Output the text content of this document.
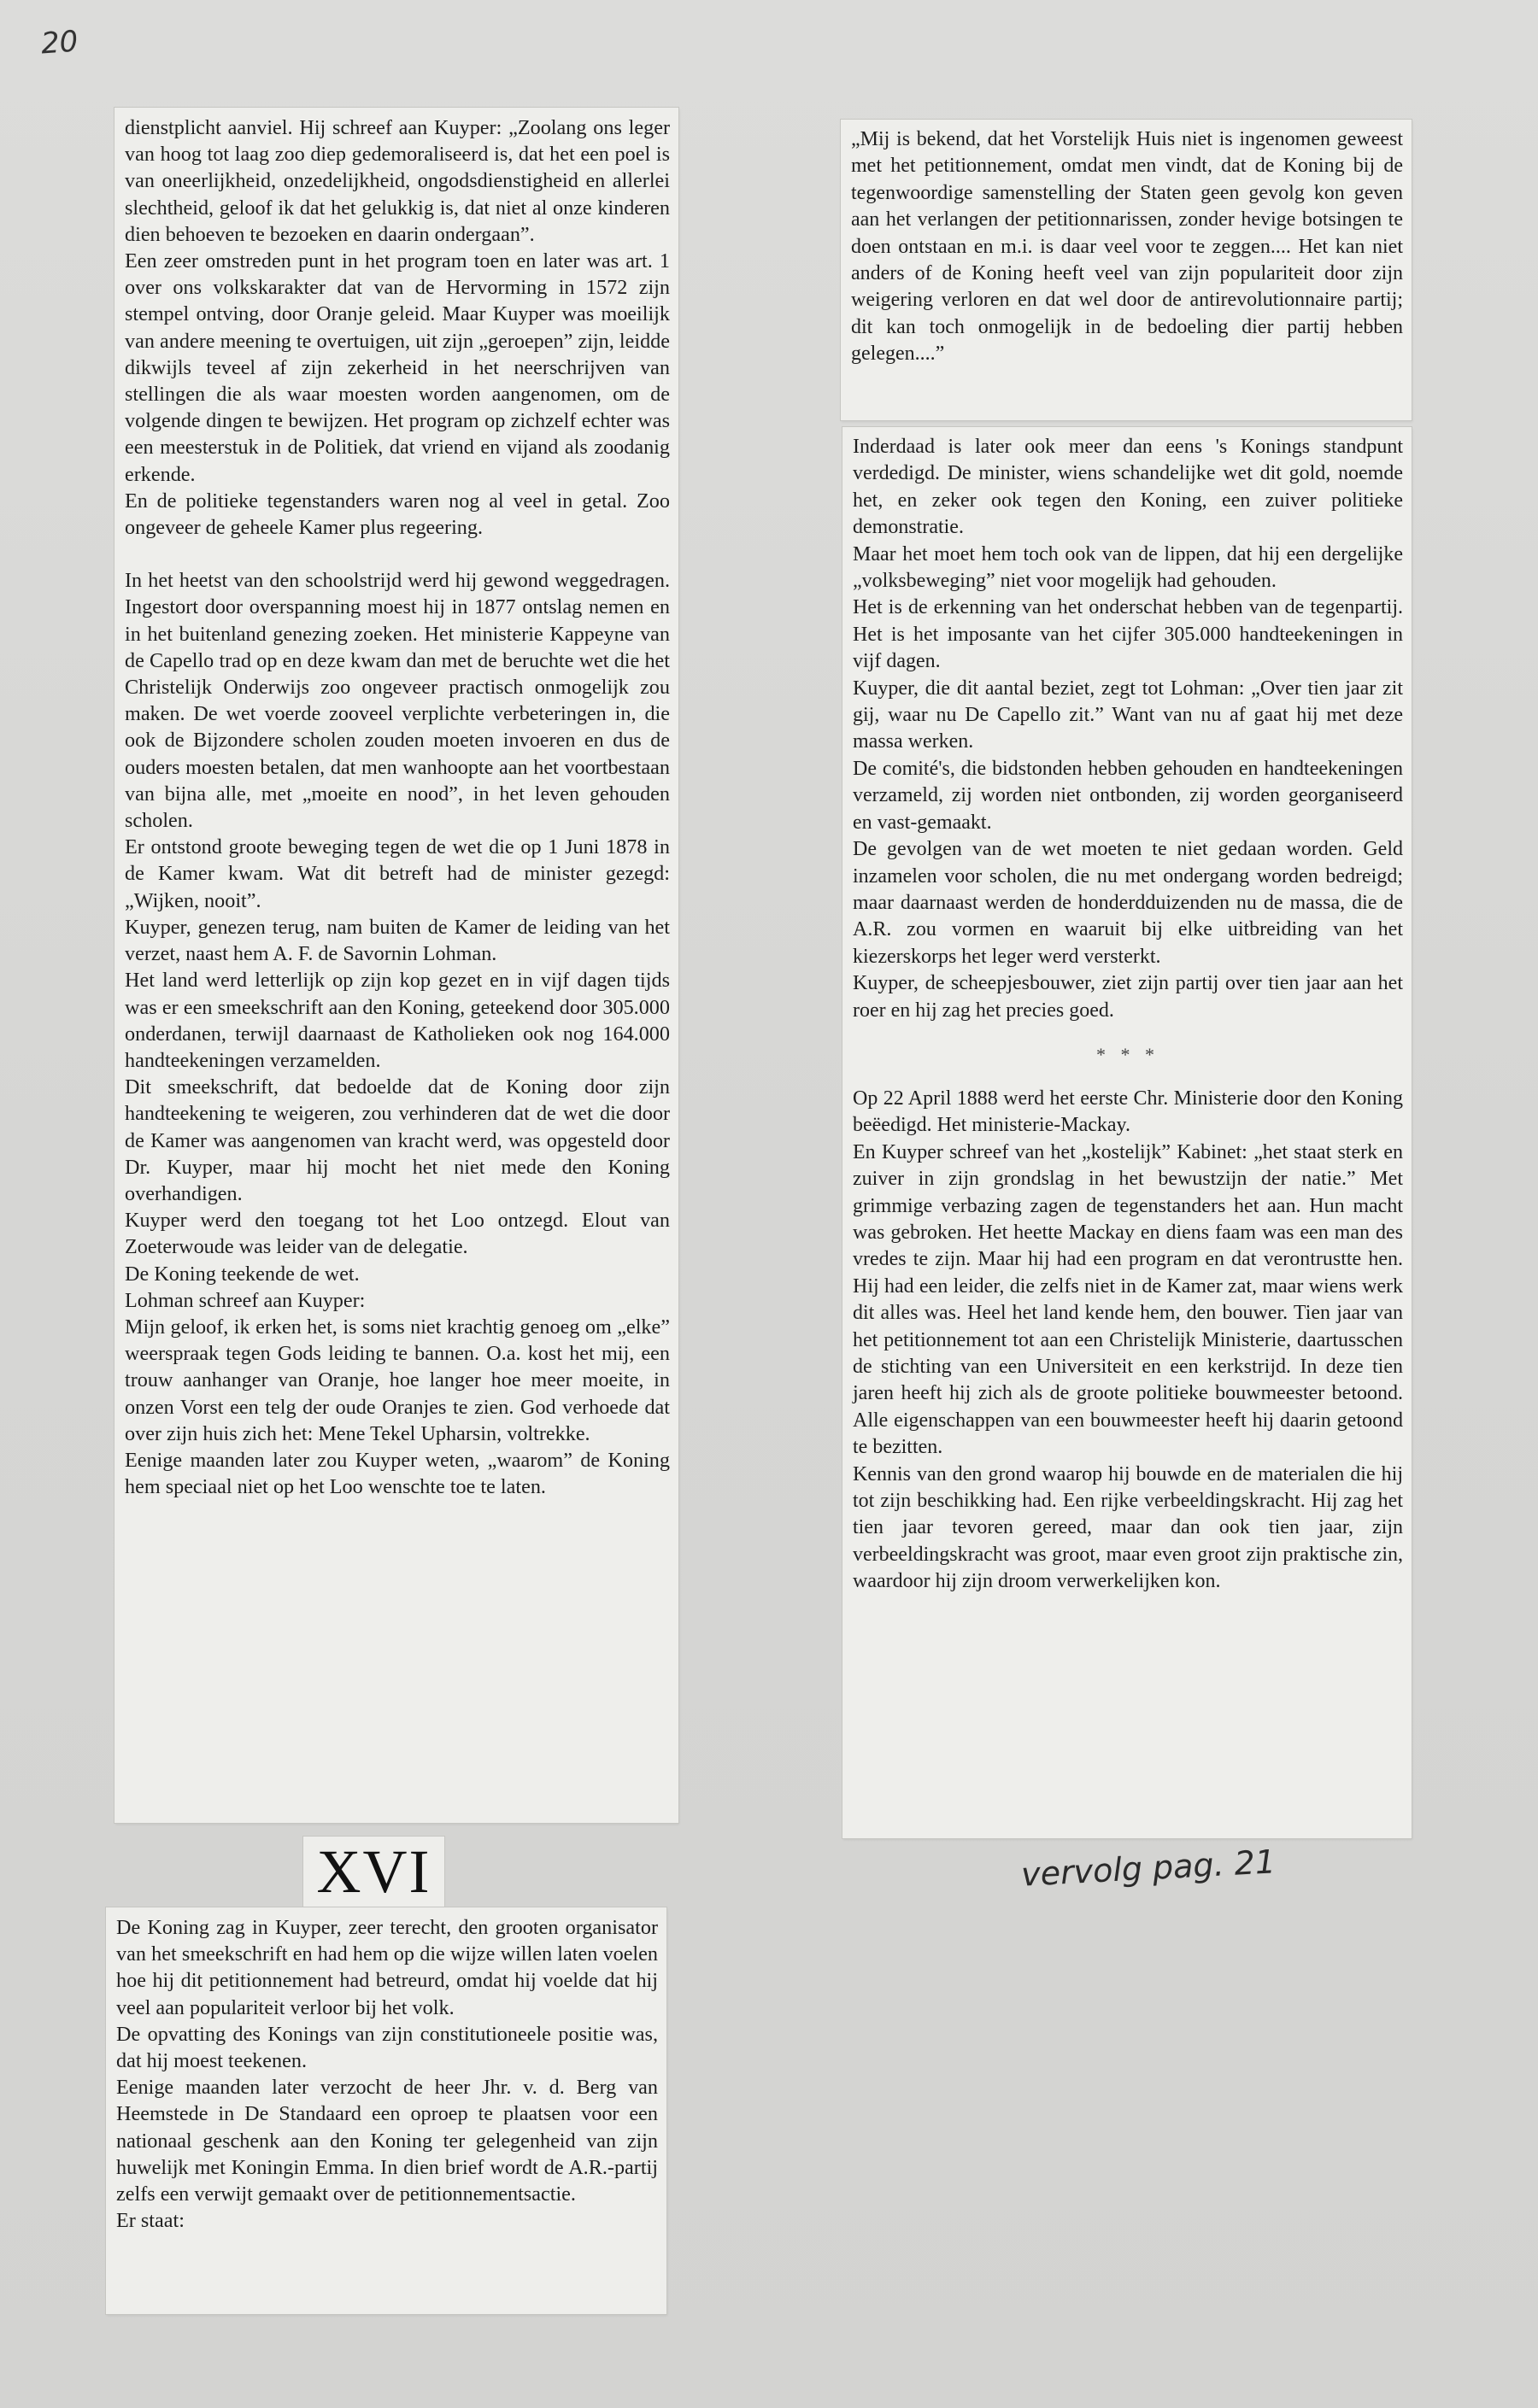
20

dienstplicht aanviel. Hij schreef aan Kuyper: „Zoolang ons leger van hoog tot laag zoo diep gedemoraliseerd is, dat het een poel is van oneerlijkheid, onzedelijkheid, ongodsdienstigheid en allerlei slechtheid, geloof ik dat het gelukkig is, dat niet al onze kinderen dien behoeven te bezoeken en daarin ondergaan”.

Een zeer omstreden punt in het program toen en later was art. 1 over ons volkskarakter dat van de Hervorming in 1572 zijn stempel ontving, door Oranje geleid. Maar Kuyper was moeilijk van andere meening te overtuigen, uit zijn „geroepen” zijn, leidde dikwijls teveel af zijn zekerheid in het neerschrijven van stellingen die als waar moesten worden aangenomen, om de volgende dingen te bewijzen. Het program op zichzelf echter was een meesterstuk in de Politiek, dat vriend en vijand als zoodanig erkende.

En de politieke tegenstanders waren nog al veel in getal. Zoo ongeveer de geheele Kamer plus regeering.

In het heetst van den schoolstrijd werd hij gewond weggedragen. Ingestort door overspanning moest hij in 1877 ontslag nemen en in het buitenland genezing zoeken. Het ministerie Kappeyne van de Capello trad op en deze kwam dan met de beruchte wet die het Christelijk Onderwijs zoo ongeveer practisch onmogelijk zou maken. De wet voerde zooveel verplichte verbeteringen in, die ook de Bijzondere scholen zouden moeten invoeren en dus de ouders moesten betalen, dat men wanhoopte aan het voortbestaan van bijna alle, met „moeite en nood”, in het leven gehouden scholen.

Er ontstond groote beweging tegen de wet die op 1 Juni 1878 in de Kamer kwam. Wat dit betreft had de minister gezegd: „Wijken, nooit”.

Kuyper, genezen terug, nam buiten de Kamer de leiding van het verzet, naast hem A. F. de Savornin Lohman.

Het land werd letterlijk op zijn kop gezet en in vijf dagen tijds was er een smeekschrift aan den Koning, geteekend door 305.000 onderdanen, terwijl daarnaast de Katholieken ook nog 164.000 handteekeningen verzamelden.

Dit smeekschrift, dat bedoelde dat de Koning door zijn handteekening te weigeren, zou verhinderen dat de wet die door de Kamer was aangenomen van kracht werd, was opgesteld door Dr. Kuyper, maar hij mocht het niet mede den Koning overhandigen.

Kuyper werd den toegang tot het Loo ontzegd. Elout van Zoeterwoude was leider van de delegatie.

De Koning teekende de wet.

Lohman schreef aan Kuyper:

Mijn geloof, ik erken het, is soms niet krachtig genoeg om „elke” weerspraak tegen Gods leiding te bannen. O.a. kost het mij, een trouw aanhanger van Oranje, hoe langer hoe meer moeite, in onzen Vorst een telg der oude Oranjes te zien. God verhoede dat over zijn huis zich het: Mene Tekel Upharsin, voltrekke.

Eenige maanden later zou Kuyper weten, „waarom” de Koning hem speciaal niet op het Loo wenschte toe te laten.

XVI

De Koning zag in Kuyper, zeer terecht, den grooten organisator van het smeekschrift en had hem op die wijze willen laten voelen hoe hij dit petitionnement had betreurd, omdat hij voelde dat hij veel aan populariteit verloor bij het volk.

De opvatting des Konings van zijn constitutioneele positie was, dat hij moest teekenen.

Eenige maanden later verzocht de heer Jhr. v. d. Berg van Heemstede in De Standaard een oproep te plaatsen voor een nationaal geschenk aan den Koning ter gelegenheid van zijn huwelijk met Koningin Emma. In dien brief wordt de A.R.-partij zelfs een verwijt gemaakt over de petitionnementsactie.

Er staat:

„Mij is bekend, dat het Vorstelijk Huis niet is ingenomen geweest met het petitionnement, omdat men vindt, dat de Koning bij de tegenwoordige samenstelling der Staten geen gevolg kon geven aan het verlangen der petitionnarissen, zonder hevige botsingen te doen ontstaan en m.i. is daar veel voor te zeggen.... Het kan niet anders of de Koning heeft veel van zijn populariteit door zijn weigering verloren en dat wel door de antirevolutionnaire partij; dit kan toch onmogelijk in de bedoeling dier partij hebben gelegen....”

Inderdaad is later ook meer dan eens 's Konings standpunt verdedigd. De minister, wiens schandelijke wet dit gold, noemde het, en zeker ook tegen den Koning, een zuiver politieke demonstratie.

Maar het moet hem toch ook van de lippen, dat hij een dergelijke „volksbeweging” niet voor mogelijk had gehouden.

Het is de erkenning van het onderschat hebben van de tegenpartij. Het is het imposante van het cijfer 305.000 handteekeningen in vijf dagen.

Kuyper, die dit aantal beziet, zegt tot Lohman: „Over tien jaar zit gij, waar nu De Capello zit.” Want van nu af gaat hij met deze massa werken.

De comité's, die bidstonden hebben gehouden en handteekeningen verzameld, zij worden niet ontbonden, zij worden georganiseerd en vast-gemaakt.

De gevolgen van de wet moeten te niet gedaan worden. Geld inzamelen voor scholen, die nu met ondergang worden bedreigd; maar daarnaast werden de honderdduizenden nu de massa, die de A.R. zou vormen en waaruit bij elke uitbreiding van het kiezerskorps het leger werd versterkt.

Kuyper, de scheepjesbouwer, ziet zijn partij over tien jaar aan het roer en hij zag het precies goed.

* * *

Op 22 April 1888 werd het eerste Chr. Ministerie door den Koning beëedigd. Het ministerie-Mackay.

En Kuyper schreef van het „kostelijk” Kabinet: „het staat sterk en zuiver in zijn grondslag in het bewustzijn der natie.” Met grimmige verbazing zagen de tegenstanders het aan. Hun macht was gebroken. Het heette Mackay en diens faam was een man des vredes te zijn. Maar hij had een program en dat verontrustte hen. Hij had een leider, die zelfs niet in de Kamer zat, maar wiens werk dit alles was. Heel het land kende hem, den bouwer. Tien jaar van het petitionnement tot aan een Christelijk Ministerie, daartusschen de stichting van een Universiteit en een kerkstrijd. In deze tien jaren heeft hij zich als de groote politieke bouwmeester betoond. Alle eigenschappen van een bouwmeester heeft hij daarin getoond te bezitten.

Kennis van den grond waarop hij bouwde en de materialen die hij tot zijn beschikking had. Een rijke verbeeldingskracht. Hij zag het tien jaar tevoren gereed, maar dan ook tien jaar, zijn verbeeldingskracht was groot, maar even groot zijn praktische zin, waardoor hij zijn droom verwerkelijken kon.

vervolg pag. 21
